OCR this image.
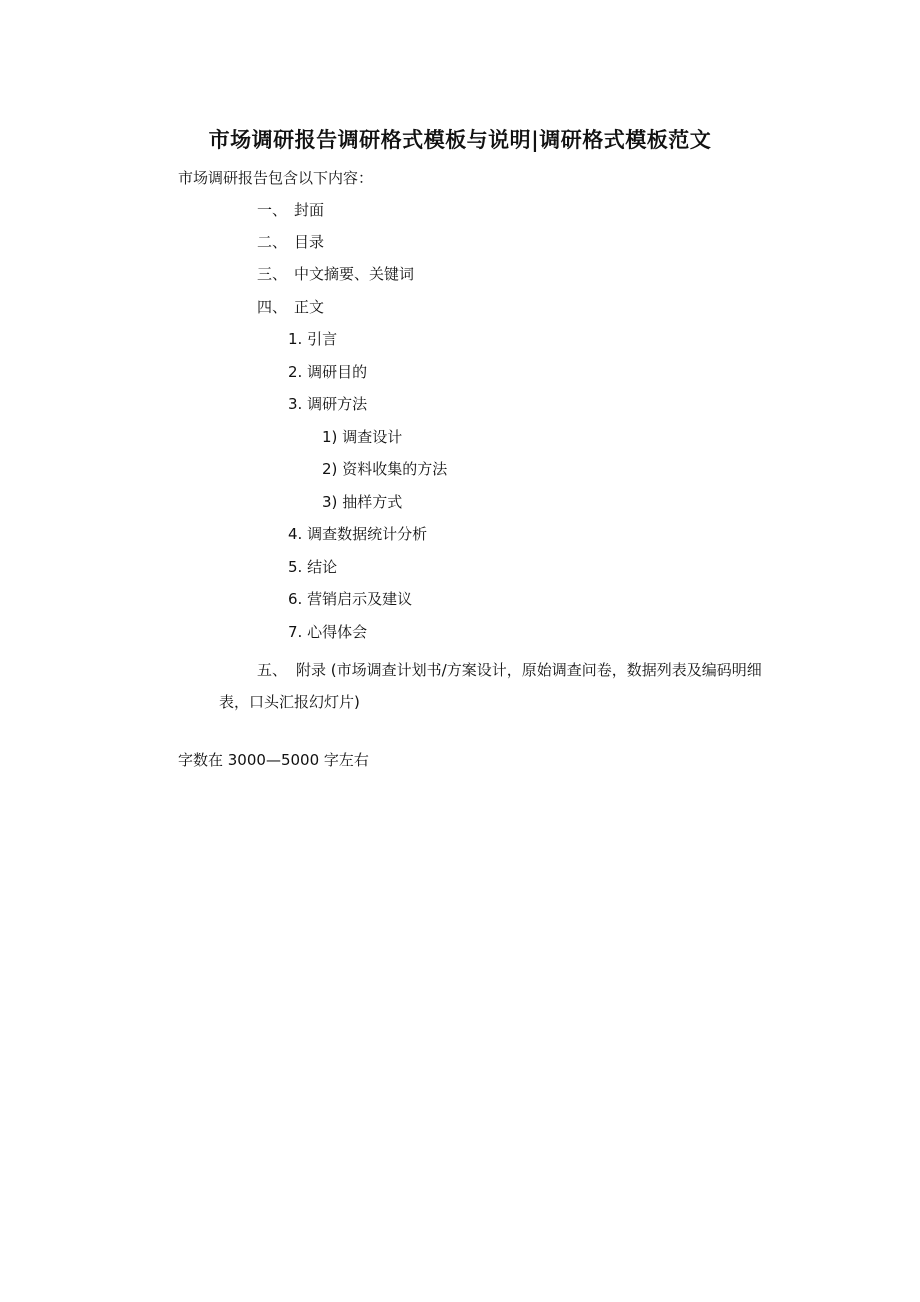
市场调研报告调研格式模板与说明|调研格式模板范文
市场调研报告包含以下内容：
一、 封面
二、 目录
三、 中文摘要、关键词
四、 正文
1. 引言
2. 调研目的
3. 调研方法
1) 调查设计
2) 资料收集的方法
3) 抽样方式
4. 调查数据统计分析
5. 结论
6. 营销启示及建议
7. 心得体会
五、 附录 (市场调查计划书/方案设计，原始调查问卷，数据列表及编码明细表，口头汇报幻灯片)
字数在 3000—5000 字左右
